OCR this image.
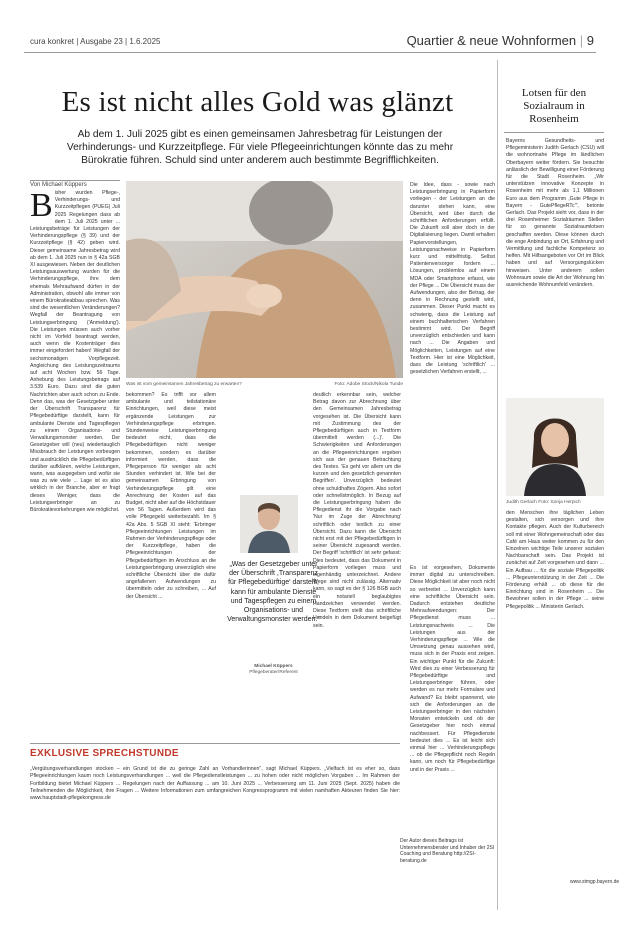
cura konkret | Ausgabe 23 | 1.6.2025	Quartier & neue Wohnformen | 9
Es ist nicht alles Gold was glänzt
Ab dem 1. Juli 2025 gibt es einen gemeinsamen Jahresbetrag für Leistungen der Verhinderungs- und Kurzzeitpflege. Für viele Pflegeeinrichtungen könnte das zu mehr Bürokratie führen. Schuld sind unter anderem auch bestimmte Begrifflichkeiten.
Von Michael Küppers
B isher wurden Pflege-, Verhinderungs- und Kurzzeitpflegen (PUEG) Juli 2025 Regelungen dass ab dem 1. Juli 2025 unter ... Leistungsbeträge für Leistungen der Verhinderungspflege (§ 39) und der Kurzzeitpflege (§ 42) geben wird. Dieser gemeinsame Jahresbetrag wird ab dem 1. Juli 2025 nun in § 42a SGB XI ausgewiesen. Neben der deutlichen Leistungsauswertung wurden für die Verhinderungspflege, ihre dem ehemals Mehraufwand dürfen in der Administration, obwohl alle immer von einem Bürokratieabbau sprechen. Was sind die wesentlichen Veränderungen? Wegfall der Beantragung von Leistungserbringung ('Anmeldung'). Die Leistungen müssen auch vorher nicht im Vorfeld beantragt werden, auch wenn die Kostenträger dies immer eingefordert haben! Wegfall der sechsmonatigen Vorpflegezeit. Angleichung des Leistungszeitraums auf acht Wochen bzw. 56 Tage. Anhebung des Leistungsbetrags auf 3.539 Euro. Dazu sind die guten Nachrichten aber auch schon zu Ende. Denn das, was der Gesetzgeber unter der Überschrift Transparenz für Pflegebedürftige darstellt, kann für ambulante Dienste und Tagespflegen zu einem Organisations- und Verwaltungsmonster werden. Der Gesetzgeber will (neu) wiedertauglich Missbrauch der Leistungen vorbeugen und ausdrücklich die Pflegebedürftigen darüber aufklären, welche Leistungen, wann, was ausgegeben und wofür sie was zu wie viele ... Lage ist es also wirklich in der Branche, aber er fragt dieses Weniger, dass die Leistungserbringer an zu Bürokratievorkehrungen wie möglichst.
Was ist vom gemeinsamen Jahresbetrag zu erwarten?	Foto: Adobe Stock/Nikola Tunde
bekommen? Es trifft vor allem ambulante und teilstationäre Einrichtungen, weil diese meist ergänzende Leistungen zur Verhinderungspflege erbringen. Stundenweise Leistungserbringung bedeutet nicht, dass die Pflegebedürftigen nicht weniger bekommen, sondern es darüber informiert werden, dass die Pflegeperson für weniger als acht Stunden verhindert ist. Wie bei der gemeinsamen Erbringung von Verhinderungspflege gilt eine Anrechnung der Kosten auf das Budget, nicht aber auf die Höchstdauer von 56 Tagen. Außerdem wird das volle Pflegegeld weiterbezahlt. Im § 42a Abs. 5 SGB XI steht: 'Erbringer Pflegeeinrichtungen Leistungen im Rahmen der Verhinderungspflege oder der Kurzzeitpflege, haben die Pflegeeinrichtungen der Pflegebedürftigen im Anschluss an die Leistungserbringung unverzüglich eine schriftliche Übersicht über die dafür angefallenen Aufwendungen zu übermitteln oder zu schreiben, ... Auf der Übersicht ...
„Was der Gesetzgeber unter der Überschrift ,Transparenz für Pflegebedürftige' darstellt, kann für ambulante Dienste und Tagespflegen zu einem Organisations- und Verwaltungsmonster werden."
Michael Küppers
Pflegeberater/Referent
deutlich erkennbar sein, welcher Betrag davon zur Abrechnung über den Gemeinsamen Jahresbetrag vorgesehen ist. Die Übersicht kann mit Zustimmung des der Pflegebedürftigen auch in Textform übermittelt werden (...)'. Die Schwierigkeiten und Anforderungen an die Pflegeeinrichtungen ergeben sich aus der genauen Betrachtung des Textes. 'Es geht vor allem um die kurzen und den gesetzlich genannten Begriffen'. Unverzüglich bedeutet ohne schuldhaftes Zögern. Also sofort oder schnellstmöglich. In Bezug auf die Leistungserbringung haben die Pflegedienst ihr die Vorgabe nach 'Nur im Zuge der Abrechnung' schriftlich oder textlich zu einer Übersicht. Dazu kann die Übersicht nicht erst mit der Pflegebedürftigen in seiner Übersicht zugesandt werden. Der Begriff 'schriftlich' ist sehr gefasst: Dies bedeutet, dass das Dokument in Papierform vorliegen muss und eigenhändig unterzeichnet. Andere Wege sind nicht zulässig. Alternativ kann, so sagt es der § 126 BGB auch ein notariell beglaubigtes Handzeichen verwendet werden. Diese Textform stellt das schriftliche Handeln in dem Dokument beigefügt sein.
Die Idee, dass - sowie nach Leistungserbringung in Papierform vorliegen - der Leistungen an die darunter stehen kann, eine Übersicht, wird über durch die schriftlichen Anforderungen erfüllt. Die Zukunft soll aber doch in der Digitalisierung liegen. Damit erhalten Papiervorstellungen, Leistungsnachweise in Papierform kurz und mittelfristig. Selbst Patientenversorger fordern ... Lösungen, problemlos auf einem MDA oder Smartphone erfasst, wie der Pflege ... Die Übersicht muss der Aufwendungen, also der Betrag, der denn in Rechnung gestellt wird, zusammen. Dieser Punkt macht es schwierig, dass die Leistung auf einem buchhalterischen Verfahren bestimmt wird. Der Begriff unverzüglich entschieden und kann nach ... Die Angaben und Möglichkeiten, Leistungen auf eine Textform. Hier ist eine Möglichkeit, dass die Leistung 'schriftlich' ... gesetzlichen Verfahren erstellt, ...
Es ist vorgesehen, Dokumente immer digital zu unterschreiben. Diese Möglichkeit ist aber noch nicht so verbreitet ... Unverzüglich kann eine schriftliche Übersicht sein. Dadurch entstehen deutliche Mehraufwendungen: Der Pflegedienst muss ... Leistungsnachweis ... Die Leistungen aus der Verhinderungspflege ... Wie die Umsetzung genau aussehen wird, muss sich in der Praxis erst zeigen. Ein wichtiger Punkt für die Zukunft: Wird dies zu einer Verbesserung für Pflegebedürftige und Leistungserbringer führen, oder werden es nur mehr Formulare und Aufwand? Es bleibt spannend, wie sich die Anforderungen an die Leistungserbringer in den nächsten Monaten entwickeln und ob der Gesetzgeber hier noch einmal nachbessert. Für Pflegedienste bedeutet dies ... Es ist leicht sich einmal hier ... Verhinderungspflege ... ob die Pflegepflicht noch Regeln kann, um noch für Pflegebedürftige und in der Praxis ...
Der Autor dieses Beitrags ist Unternehmensberater und Inhaber der 2SI Coaching und Beratung http://2SI-beratung.de
EXKLUSIVE SPRECHSTUNDE
„Vergütungsverhandlungen stocken – ein Grund ist die zu geringe Zahl an Vorhandlerinnen", sagt Michael Küppers. „Vielfach ist es eher so, dass Pflegeeinrichtungen kaum noch Leistungsverhandlungen ... weil die Pflegedienstleistungen ... zu hohen oder nicht möglichen Vorgaben ... Im Rahmen der Fortbildung bietet Michael Küppers ... Regelungen nach der Auffassung ... am 10. Juni 2025 ... Verbesserung am 11. Juni 2025 (Sept. 2025) haben die Teilnehmenden die Möglichkeit, ihre Fragen ... Weitere Informationen zum umfangreichen Kongressprogramm mit vielen namhaften Akteuren finden Sie hier: www.hauptstadt-pflegekongress.de
Lotsen für den Sozialraum in Rosenheim
Bayerns Gesundheits- und Pflegeministerin Judith Gerlach (CSU) will die wohnortnahe Pflege im ländlichen Oberbayern weiter fördern. Sie besuchte anlässlich der Bewilligung einer Förderung für die Stadt Rosenheim. „Wir unterstützen innovative Konzepte in Rosenheim mit mehr als 1,1 Millionen Euro aus dem Programm ,Gute Pflege in Bayern - GutePflegeRTc'", betonte Gerlach. Das Projekt sieht vor, dass in der drei Rosenheimer Sozialräumen Stellen für so genannte Sozialraumlotsen geschaffen werden. Diese können durch die enge Anbindung an Ort, Erfahrung und Vermittlung und fachliche Kompetenz so helfen. Mit Hilfsangeboten vor Ort im Blick haben und auf Versorgungslücken hinweisen. Unter anderem sollen Wohnraum sowie die Art der Wohnung hin ausreichende Wohnumfeld verändern.
Judith Gerlach Foto: Sonja Herpich
den Menschen ihre täglichen Leben gestalten, sich versorgen und ihre Kontakte pflegen. Auch der Kulturbereich soll mit einer Wohngemeinschaft oder das Café am Haus weiter kommen zu für den Einzelnen wichtige Teile unserer sozialen Nachbarschaft sein. Das Projekt ist zunächst auf Zeit vorgesehen und dann ... Ein Aufbau ... für die soziale Pflegepolitik ... Pflegeunterstützung in der Zeit ... Die Förderung erhält ... ob diese für die Einrichtung sind in Rosenheim ... Die Bewohner sollen in der Pflege ... seine Pflegepolitik ... Ministerin Gerlach.
www.stmgp.bayern.de
